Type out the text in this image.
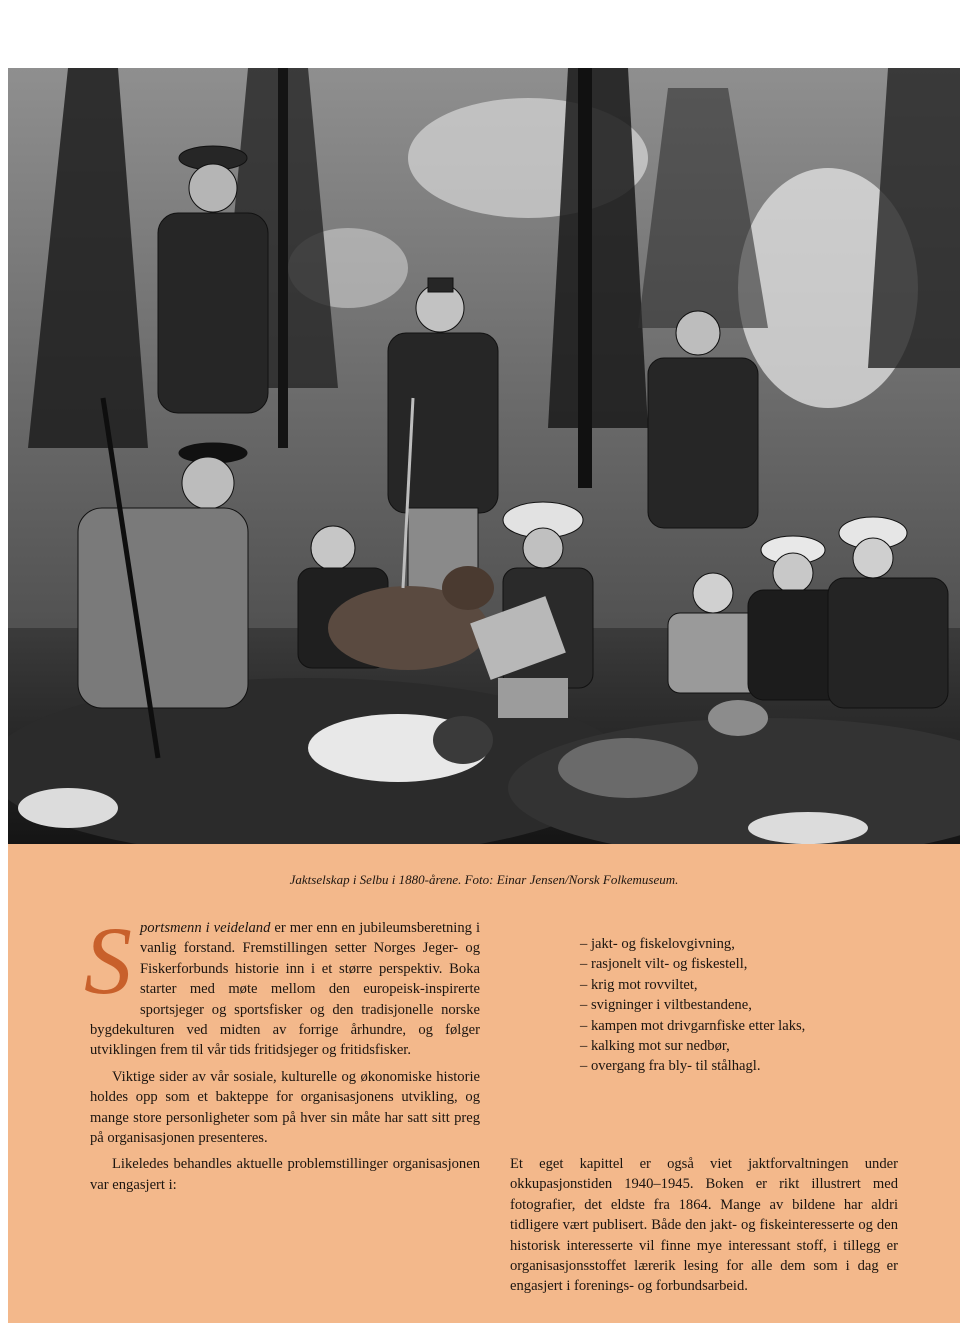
Jaktselskap i Selbu i 1880-årene. Foto: Einar Jensen/Norsk Folkemuseum.

Sportsmenn i veideland er mer enn en jubileumsberetning i vanlig forstand. Fremstillingen setter Norges Jeger- og Fiskerforbunds historie inn i et større perspektiv. Boka starter med møte mellom den europeisk-inspirerte sportsjeger og sportsfisker og den tradisjonelle norske bygdekulturen ved midten av forrige århundre, og følger utviklingen frem til vår tids fritidsjeger og fritidsfisker.

Viktige sider av vår sosiale, kulturelle og økonomiske historie holdes opp som et bakteppe for organisasjonens utvikling, og mange store personligheter som på hver sin måte har satt sitt preg på organisasjonen presenteres.

Likeledes behandles aktuelle problemstillinger organisasjonen var engasjert i:

– jakt- og fiskelovgivning,
– rasjonelt vilt- og fiskestell,
– krig mot rovviltet,
– svigninger i viltbestandene,
– kampen mot drivgarnfiske etter laks,
– kalking mot sur nedbør,
– overgang fra bly- til stålhagl.

Et eget kapittel er også viet jaktforvaltningen under okkupasjonstiden 1940–1945. Boken er rikt illustrert med fotografier, det eldste fra 1864. Mange av bildene har aldri tidligere vært publisert. Både den jakt- og fiskeinteresserte og den historisk interesserte vil finne mye interessant stoff, i tillegg er organisasjonsstoffet lærerik lesing for alle dem som i dag er engasjert i forenings- og forbundsarbeid.
